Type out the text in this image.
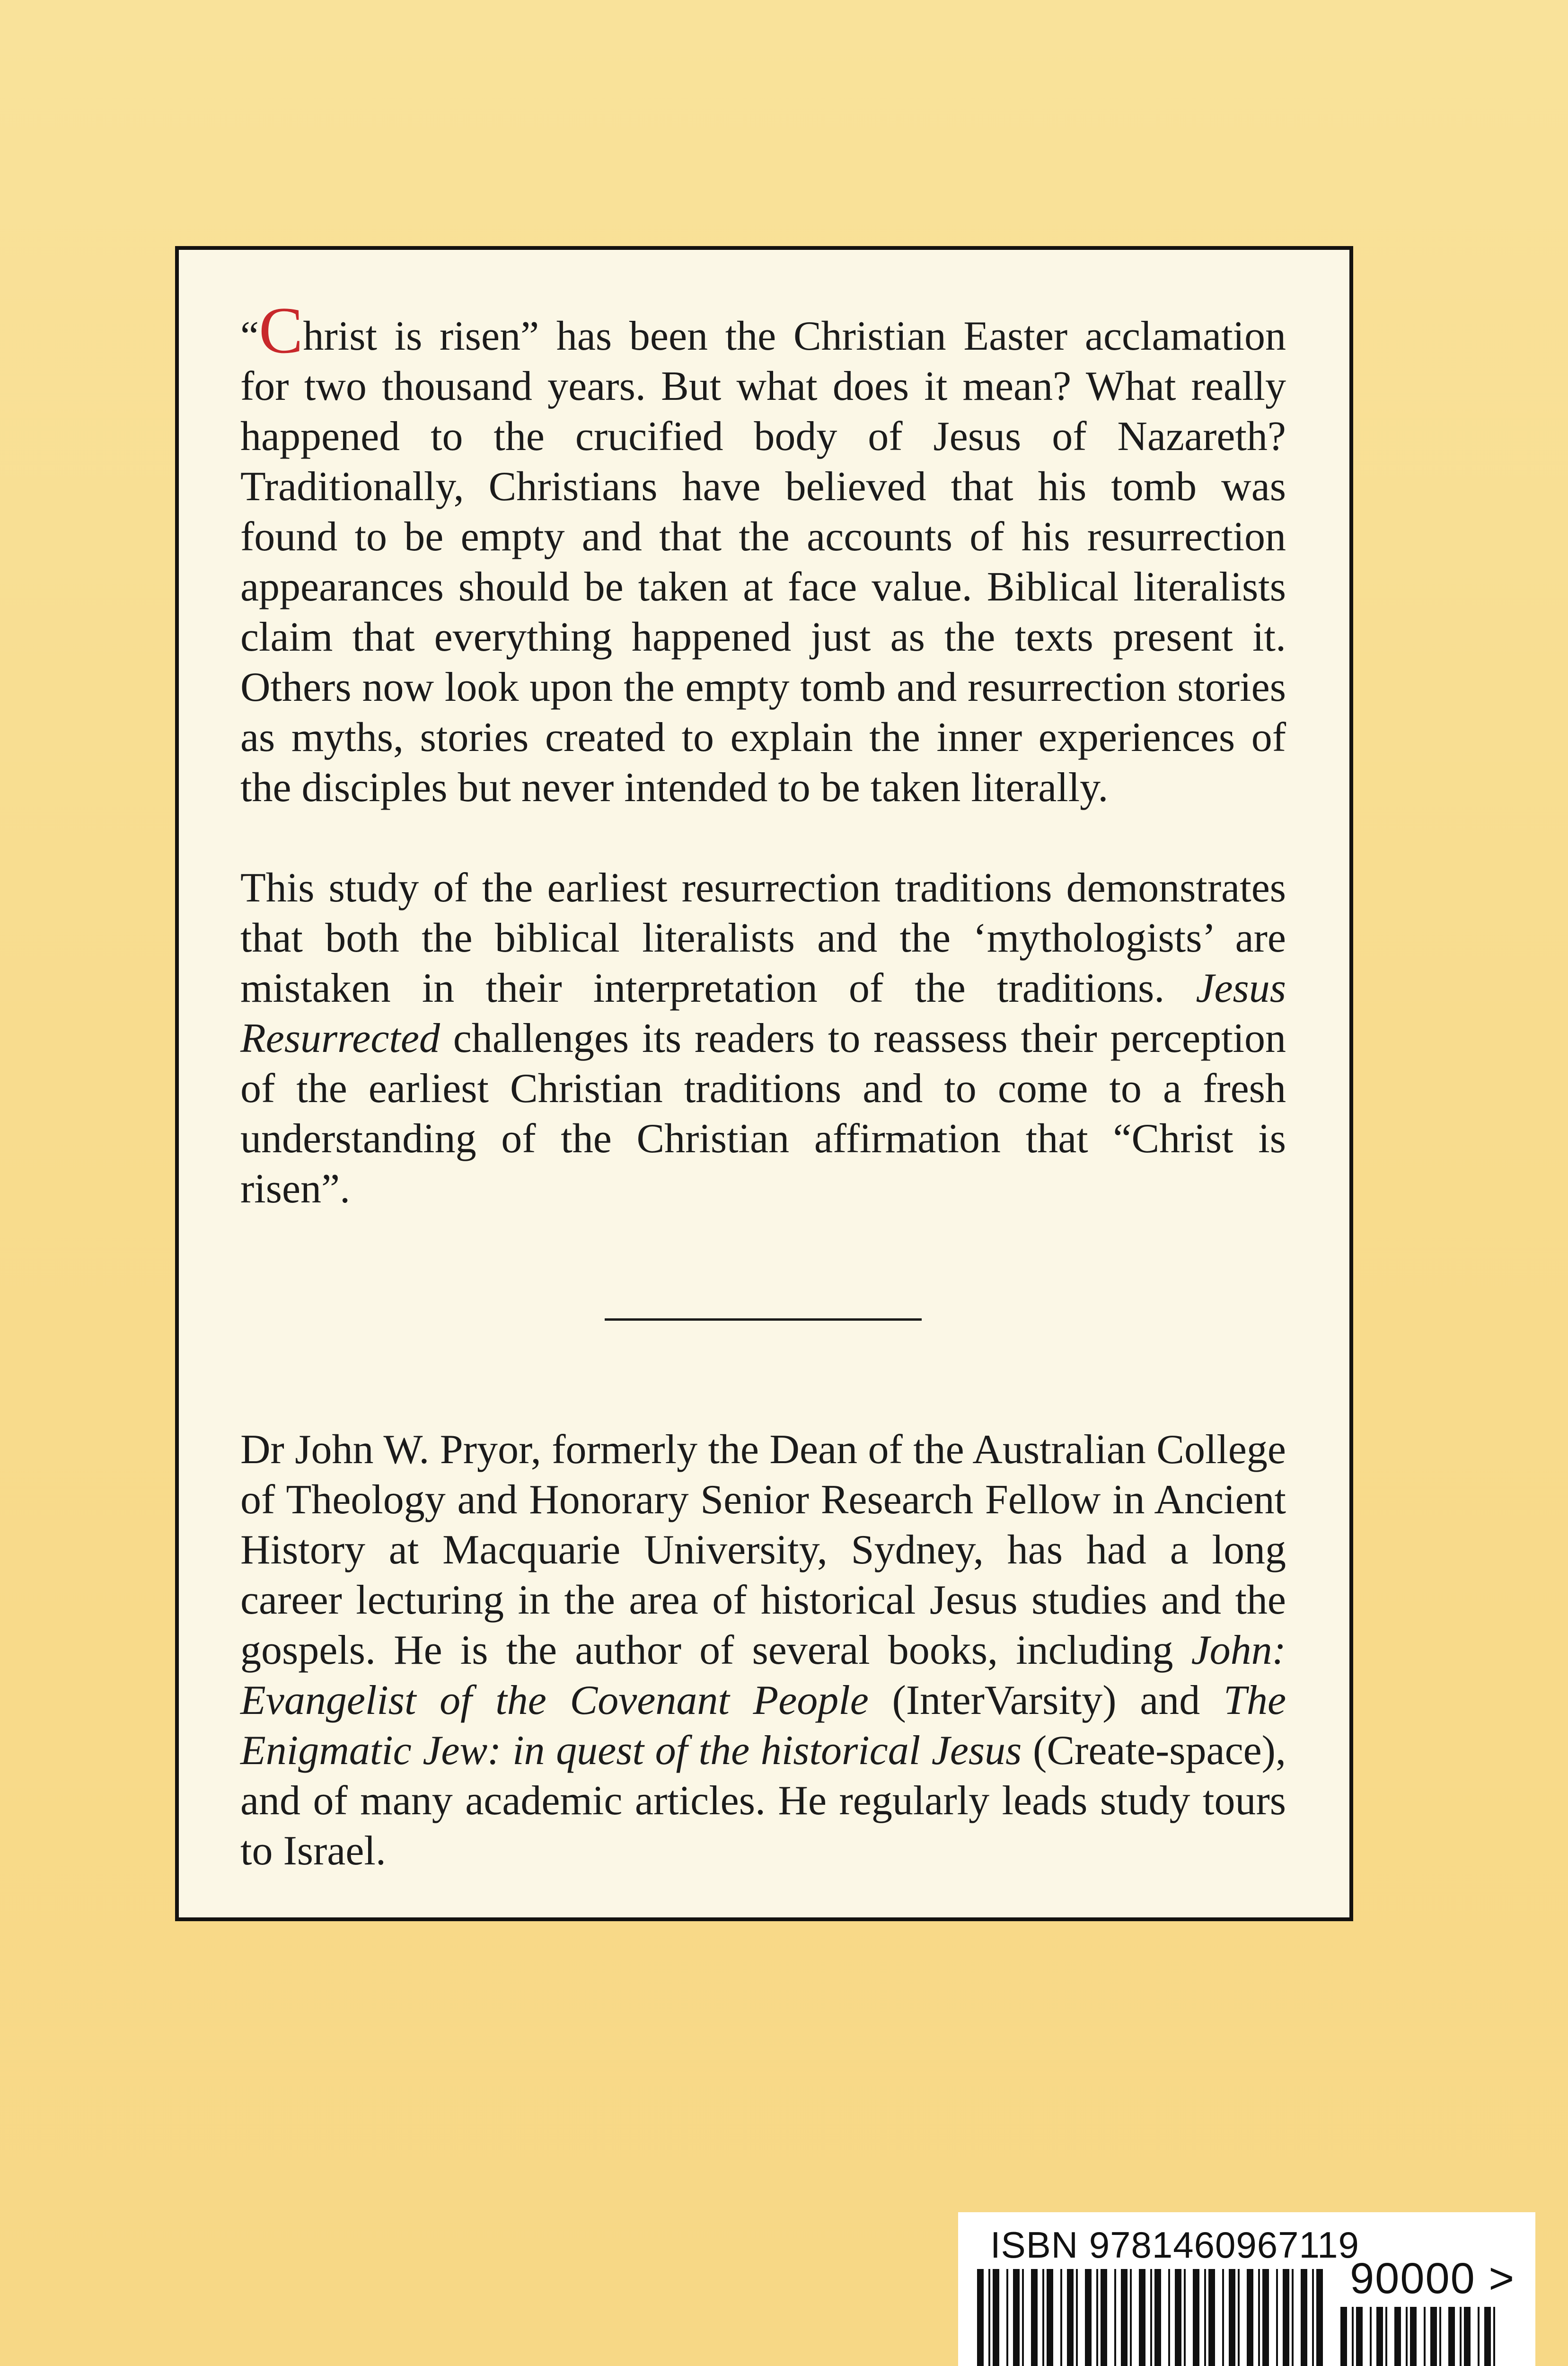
“Christ is risen” has been the Christian Easter acclamation for two thousand years. But what does it mean? What really happened to the crucified body of Jesus of Nazareth? Traditionally, Christians have believed that his tomb was found to be empty and that the accounts of his resurrection appearances should be taken at face value. Biblical literalists claim that everything happened just as the texts present it. Others now look upon the empty tomb and resurrection stories as myths, stories created to explain the inner experiences of the disciples but never intended to be taken literally.

This study of the earliest resurrection traditions demonstrates that both the biblical literalists and the ‘mythologists’ are mistaken in their interpretation of the traditions. Jesus Resurrected challenges its readers to reassess their perception of the earliest Christian traditions and to come to a fresh understanding of the Christian affirmation that “Christ is risen”.

Dr John W. Pryor, formerly the Dean of the Australian College of Theology and Honorary Senior Research Fellow in Ancient History at Macquarie University, Sydney, has had a long career lecturing in the area of historical Jesus studies and the gospels. He is the author of several books, including John: Evangelist of the Covenant People (InterVarsity) and The Enigmatic Jew: in quest of the historical Jesus (Create-space), and of many academic articles. He regularly leads study tours to Israel.

ISBN 9781460967119
90000 >
